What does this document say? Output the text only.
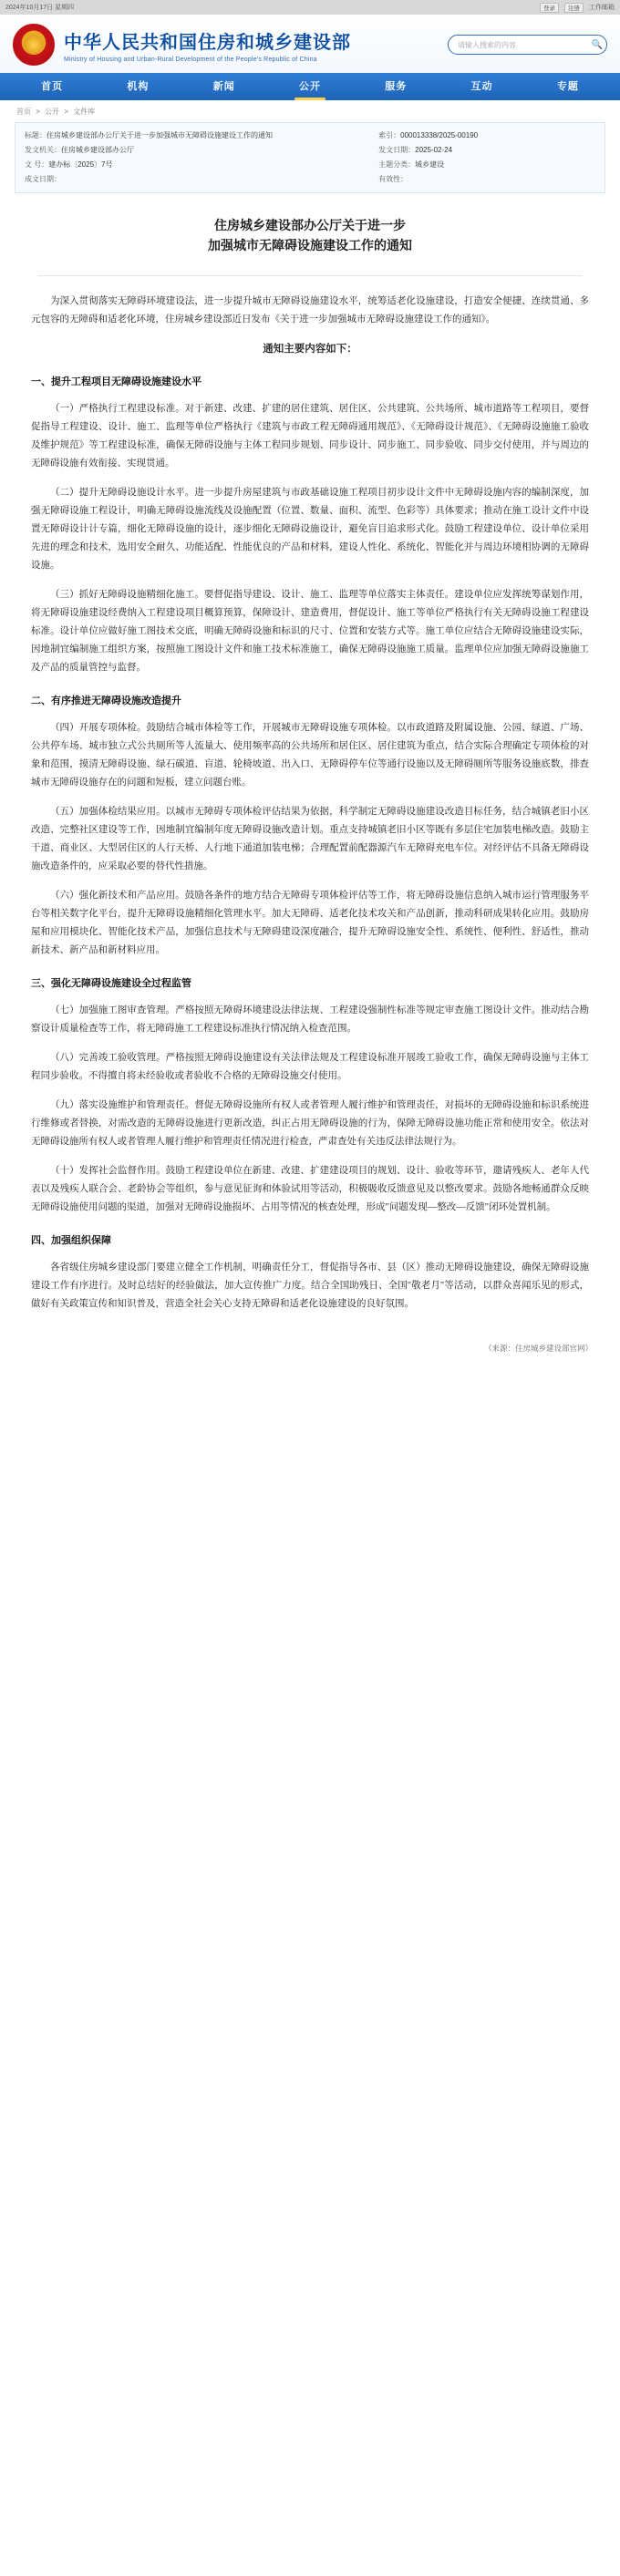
2024年10月17日 星期四	登录	注册	工作邮箱
中华人民共和国住房和城乡建设部
Ministry of Housing and Urban-Rural Development of the People's Republic of China
请输入搜索的内容	🔍
首页	机构	新闻	公开	服务	互动	专题
首页 > 公开 > 文件库
标题： 住房城乡建设部办公厅关于进一步加强城市无障碍设施建设工作的通知	索引： 000013338/2025-00190
发文机关： 住房城乡建设部办公厅	发文日期： 2025-02-24
文 号： 建办标〔2025〕7号	主题分类： 城乡建设
成文日期：	有效性：
住房城乡建设部办公厅关于进一步
加强城市无障碍设施建设工作的通知

为深入贯彻落实无障碍环境建设法，进一步提升城市无障碍设施建设水平，统筹适老化设施建设，打造安全便捷、连续贯通、多元包容的无障碍和适老化环境，住房城乡建设部近日发布《关于进一步加强城市无障碍设施建设工作的通知》。

通知主要内容如下：

一、提升工程项目无障碍设施建设水平

（一）严格执行工程建设标准。对于新建、改建、扩建的居住建筑、居住区、公共建筑、公共场所、城市道路等工程项目，要督促指导工程建设、设计、施工、监理等单位严格执行《建筑与市政工程无障碍通用规范》、《无障碍设计规范》、《无障碍设施施工验收及维护规范》等工程建设标准，确保无障碍设施与主体工程同步规划、同步设计、同步施工、同步验收、同步交付使用，并与周边的无障碍设施有效衔接、实现贯通。

（二）提升无障碍设施设计水平。进一步提升房屋建筑与市政基础设施工程项目初步设计文件中无障碍设施内容的编制深度，加强无障碍设施工程设计，明确无障碍设施流线及设施配置（位置、数量、面积、流型、色彩等）具体要求；推动在施工设计文件中设置无障碍设计计专篇，细化无障碍设施的设计，逐步细化无障碍设施设计，避免盲目追求形式化。鼓励工程建设单位、设计单位采用先进的理念和技术，选用安全耐久、功能适配、性能优良的产品和材料，建设人性化、系统化、智能化并与周边环境相协调的无障碍设施。

（三）抓好无障碍设施精细化施工。要督促指导建设、设计、施工、监理等单位落实主体责任。建设单位应发挥统筹谋划作用，将无障碍设施建设经费纳入工程建设项目概算预算，保障设计、建造费用，督促设计、施工等单位严格执行有关无障碍设施工程建设标准。设计单位应做好施工图技术交底，明确无障碍设施和标识的尺寸、位置和安装方式等。施工单位应结合无障碍设施建设实际，因地制宜编制施工组织方案，按照施工图设计文件和施工技术标准施工，确保无障碍设施施工质量。监理单位应加强无障碍设施施工及产品的质量管控与监督。

二、有序推进无障碍设施改造提升

（四）开展专项体检。鼓励结合城市体检等工作，开展城市无障碍设施专项体检。以市政道路及附属设施、公园、绿道、广场、公共停车场、城市独立式公共厕所等人流量大、使用频率高的公共场所和居住区、居住建筑为重点，结合实际合理确定专项体检的对象和范围，摸清无障碍设施、绿石碳道、盲道、轮椅坡道、出入口、无障碍停车位等通行设施以及无障碍厕所等服务设施底数，排查城市无障碍设施存在的问题和短板，建立问题台账。

（五）加强体检结果应用。以城市无障碍专项体检评估结果为依据，科学制定无障碍设施建设改造目标任务，结合城镇老旧小区改造、完整社区建设等工作，因地制宜编制年度无障碍设施改造计划。重点支持城镇老旧小区等既有多层住宅加装电梯改造。鼓励主干道、商业区、大型居住区的人行天桥、人行地下通道加装电梯；合理配置前配器源汽车无障碍充电车位。对经评估不具备无障碍设施改造条件的，应采取必要的替代性措施。

（六）强化新技术和产品应用。鼓励各条件的地方结合无障碍专项体检评估等工作，将无障碍设施信息纳入城市运行管理服务平台等相关数字化平台，提升无障碍设施精细化管理水平。加大无障碍、适老化技术攻关和产品创新，推动科研成果转化应用。鼓励房屋和应用模块化、智能化技术产品，加强信息技术与无障碍建设深度融合，提升无障碍设施安全性、系统性、便利性、舒适性，推动新技术、新产品和新材料应用。

三、强化无障碍设施建设全过程监管

（七）加强施工图审查管理。严格按照无障碍环境建设法律法规、工程建设强制性标准等规定审查施工图设计文件。推动结合勘察设计质量检查等工作，将无障碍施工工程建设标准执行情况纳入检查范围。

（八）完善竣工验收管理。严格按照无障碍设施建设有关法律法规及工程建设标准开展竣工验收工作，确保无障碍设施与主体工程同步验收。不得擅自将未经验收或者验收不合格的无障碍设施交付使用。

（九）落实设施维护和管理责任。督促无障碍设施所有权人或者管理人履行维护和管理责任，对损坏的无障碍设施和标识系统进行维修或者替换，对需改造的无障碍设施进行更新改造，纠正占用无障碍设施的行为，保障无障碍设施功能正常和使用安全。依法对无障碍设施所有权人或者管理人履行维护和管理责任情况进行检查，严肃查处有关违反法律法规行为。

（十）发挥社会监督作用。鼓励工程建设单位在新建、改建、扩建建设项目的规划、设计、验收等环节，邀请残疾人、老年人代表以及残疾人联合会、老龄协会等组织，参与意见征询和体验试用等活动，积极吸收反馈意见及以整改要求。鼓励各地畅通群众反映无障碍设施使用问题的渠道，加强对无障碍设施损坏、占用等情况的核查处理，形成"问题发现—整改—反馈"闭环处置机制。

四、加强组织保障

各省级住房城乡建设部门要建立健全工作机制，明确责任分工，督促指导各市、县（区）推动无障碍设施建设，确保无障碍设施建设工作有序进行。及时总结好的经验做法，加大宣传推广力度。结合全国助残日、全国"敬老月"等活动，以群众喜闻乐见的形式，做好有关政策宣传和知识普及，营造全社会关心支持无障碍和适老化设施建设的良好氛围。

（来源：住房城乡建设部官网）
